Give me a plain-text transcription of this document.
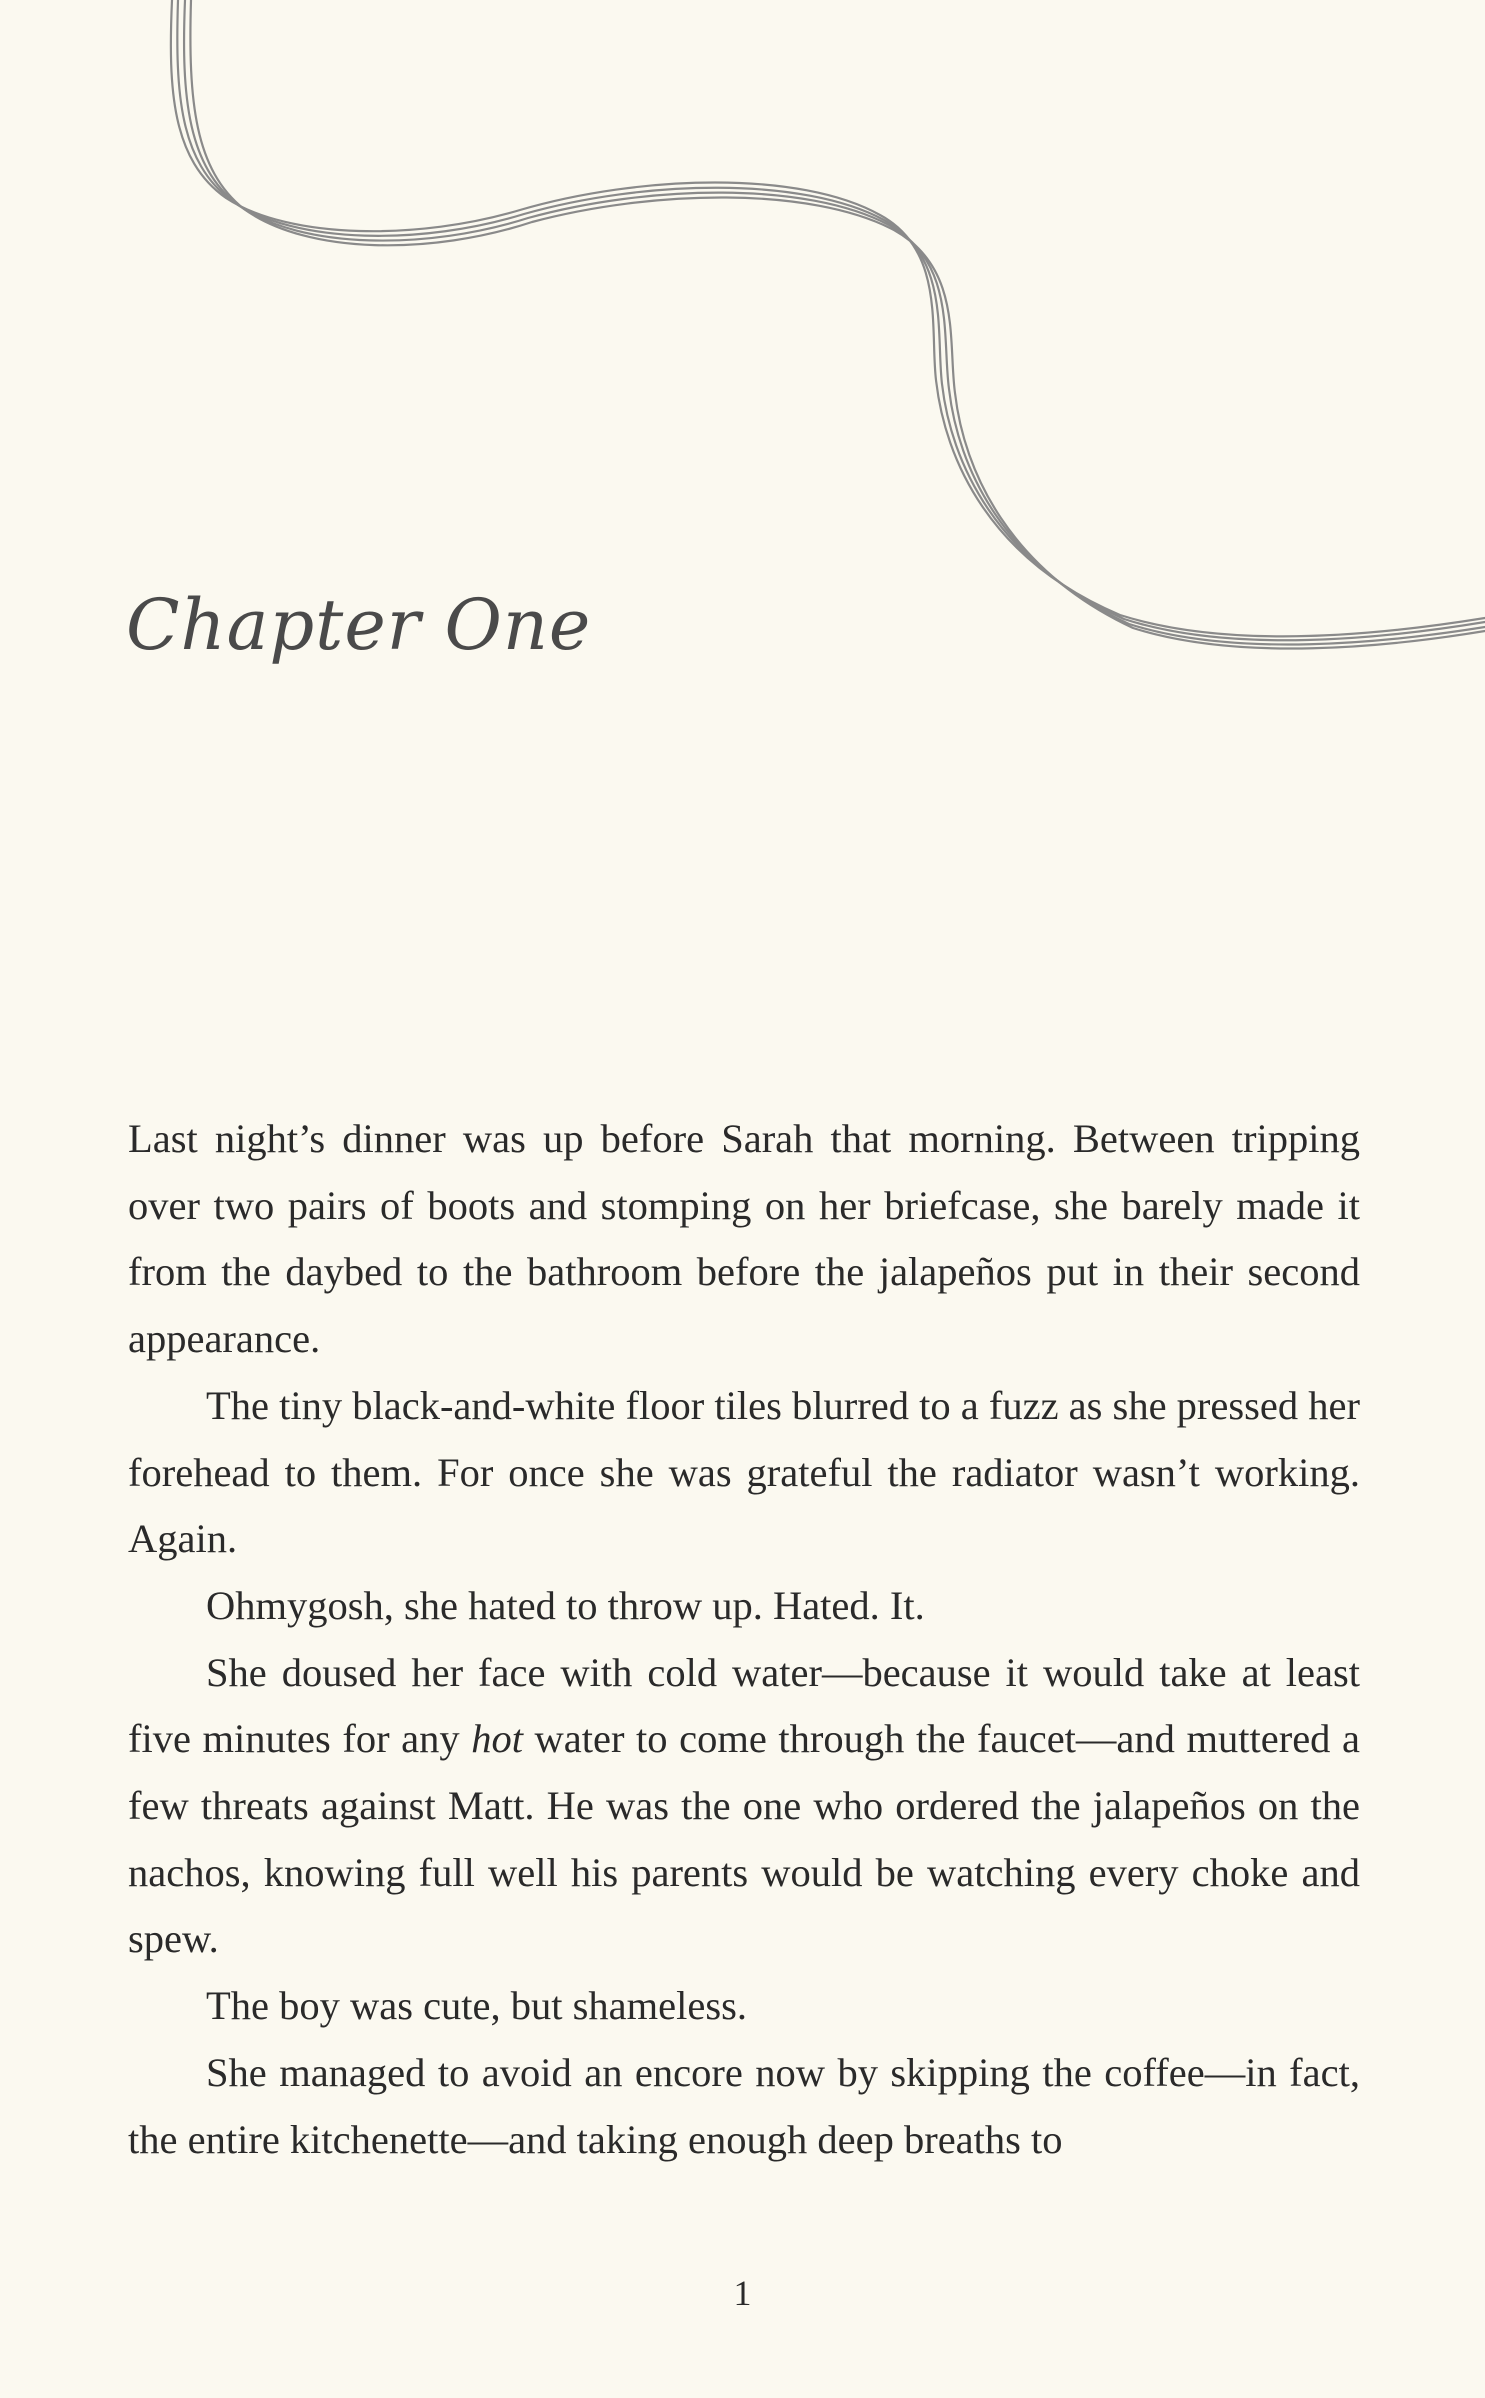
Chapter One

Last night’s dinner was up before Sarah that morning. Between tripping over two pairs of boots and stomping on her briefcase, she barely made it from the daybed to the bathroom before the jalapeños put in their second appearance.

The tiny black-and-white floor tiles blurred to a fuzz as she pressed her forehead to them. For once she was grateful the radiator wasn’t working. Again.

Ohmygosh, she hated to throw up. Hated. It.

She doused her face with cold water—because it would take at least five minutes for any hot water to come through the faucet—and muttered a few threats against Matt. He was the one who ordered the jalapeños on the nachos, knowing full well his parents would be watching every choke and spew.

The boy was cute, but shameless.

She managed to avoid an encore now by skipping the coffee—in fact, the entire kitchenette—and taking enough deep breaths to

1
